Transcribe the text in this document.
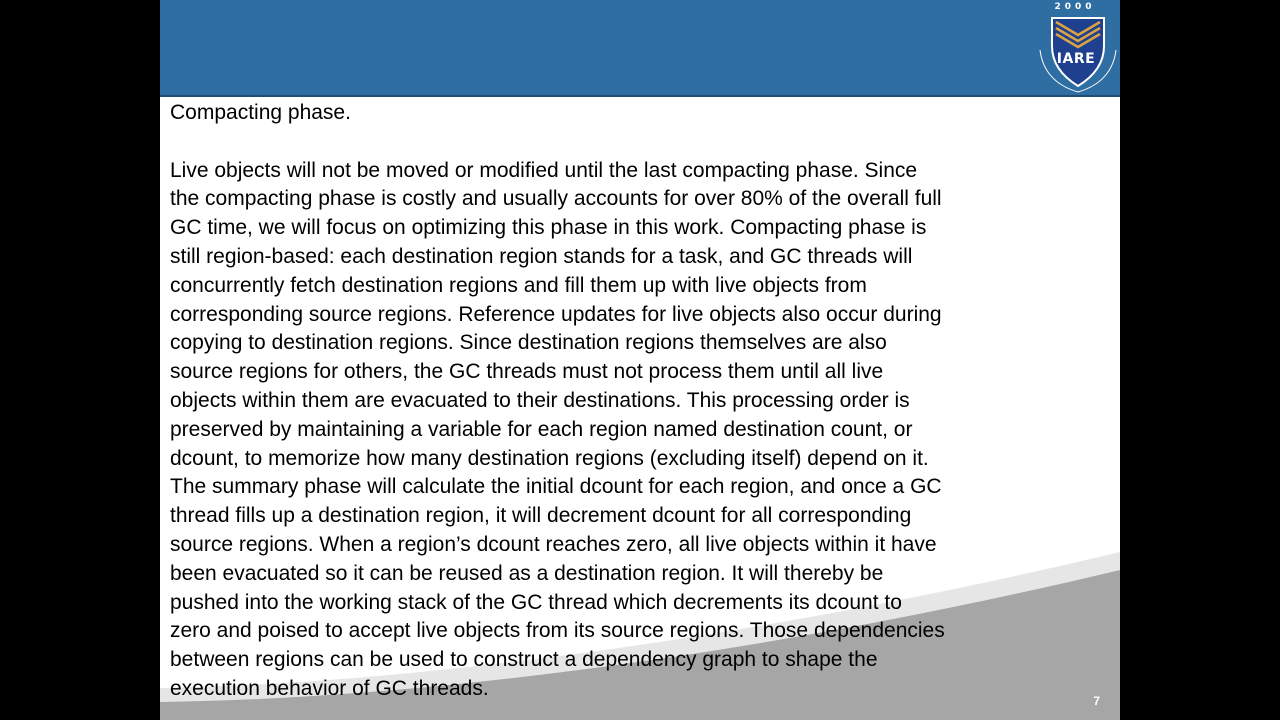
2000
IARE

Compacting phase.

Live objects will not be moved or modified until the last compacting phase. Since
the compacting phase is costly and usually accounts for over 80% of the overall full
GC time, we will focus on optimizing this phase in this work. Compacting phase is
still region-based: each destination region stands for a task, and GC threads will
concurrently fetch destination regions and fill them up with live objects from
corresponding source regions. Reference updates for live objects also occur during
copying to destination regions. Since destination regions themselves are also
source regions for others, the GC threads must not process them until all live
objects within them are evacuated to their destinations. This processing order is
preserved by maintaining a variable for each region named destination count, or
dcount, to memorize how many destination regions (excluding itself) depend on it.
The summary phase will calculate the initial dcount for each region, and once a GC
thread fills up a destination region, it will decrement dcount for all corresponding
source regions. When a region’s dcount reaches zero, all live objects within it have
been evacuated so it can be reused as a destination region. It will thereby be
pushed into the working stack of the GC thread which decrements its dcount to
zero and poised to accept live objects from its source regions. Those dependencies
between regions can be used to construct a dependency graph to shape the
execution behavior of GC threads.

7
